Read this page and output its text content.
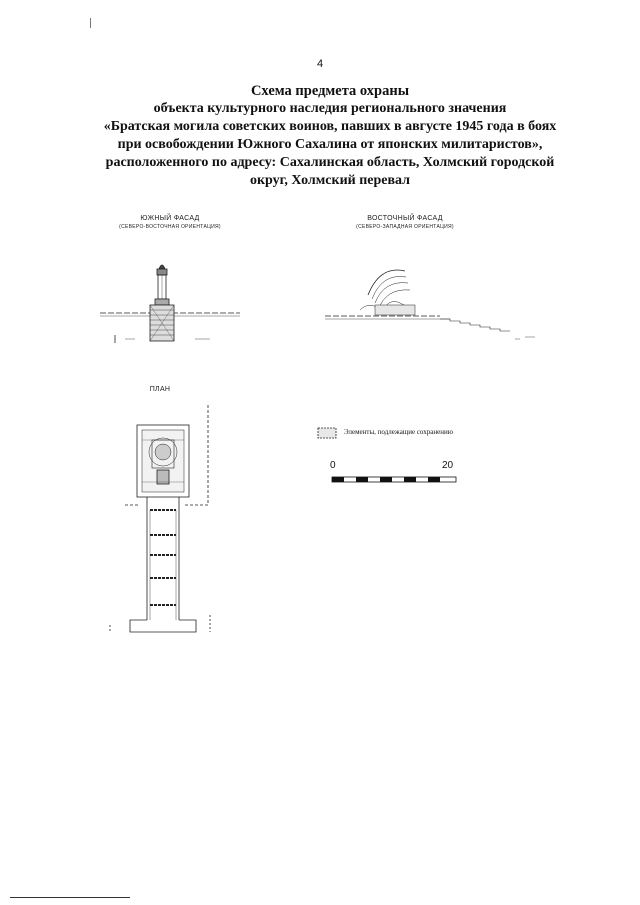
4
Схема предмета охраны
объекта культурного наследия регионального значения
«Братская могила советских воинов, павших в августе 1945 года в боях
при освобождении Южного Сахалина от японских милитаристов»,
расположенного по адресу: Сахалинская область, Холмский городской
округ, Холмский перевал
ЮЖНЫЙ ФАСАД
(СЕВЕРО-ВОСТОЧНАЯ ОРИЕНТАЦИЯ)
ВОСТОЧНЫЙ ФАСАД
(СЕВЕРО-ЗАПАДНАЯ ОРИЕНТАЦИЯ)
ПЛАН
Элементы, подлежащие сохранению
0	20
